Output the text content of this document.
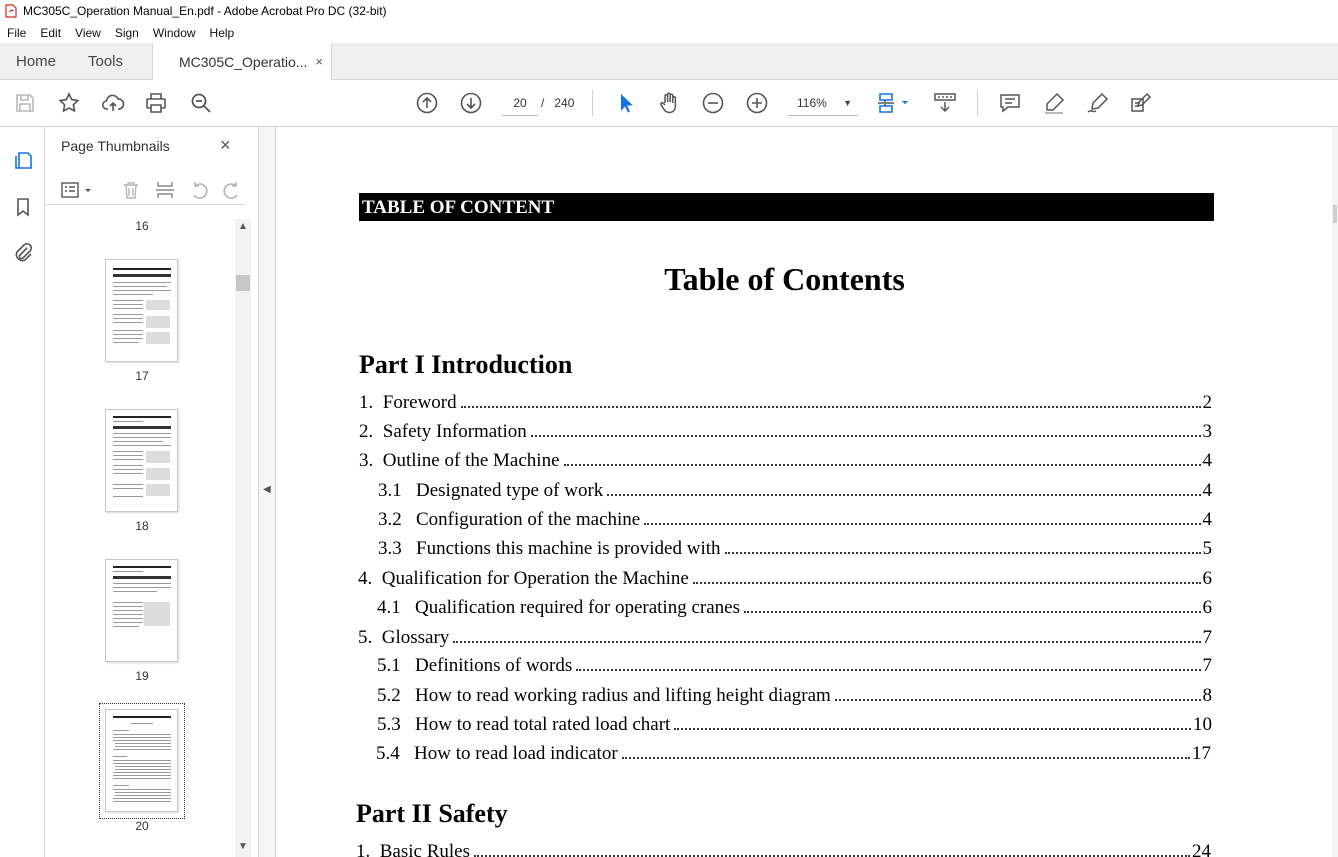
MC305C_Operation Manual_En.pdf - Adobe Acrobat Pro DC (32-bit)
File	Edit	View	Sign	Window	Help
Home Tools	MC305C_Operatio... ×
20	/ 240	116% ▼
Page Thumbnails	×
16
17
18
19
20
▲
▼
◀
TABLE OF CONTENT
Table of Contents
Part I Introduction
1. Foreword	2
2. Safety Information	3
3. Outline of the Machine	4
3.1 Designated type of work	4
3.2 Configuration of the machine	4
3.3 Functions this machine is provided with	5
4. Qualification for Operation the Machine	6
4.1 Qualification required for operating cranes	6
5. Glossary	7
5.1 Definitions of words	7
5.2 How to read working radius and lifting height diagram	8
5.3 How to read total rated load chart	10
5.4 How to read load indicator	17
Part II Safety
1. Basic Rules	24
